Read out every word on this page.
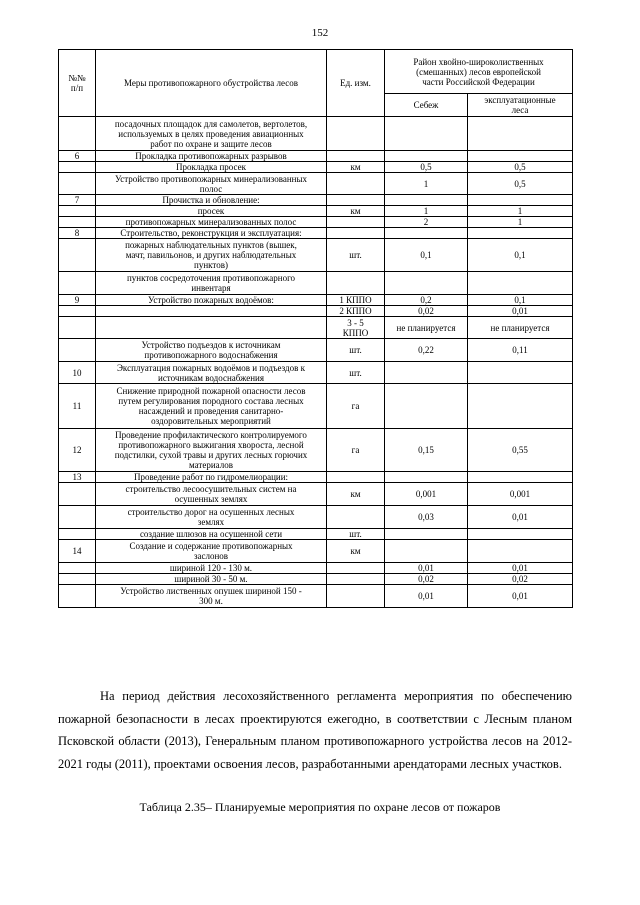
152
№№
п/п	Меры противопожарного обустройства лесов	Ед. изм.	Район хвойно-широколиственных
(смешанных) лесов европейской
части Российской Федерации	
			Себеж	эксплуатационные
леса
	посадочных площадок для самолетов, вертолетов,
используемых в целях проведения авиационных
работ по охране и защите лесов			
6	Прокладка противопожарных разрывов			
	Прокладка просек	км	0,5	0,5
	Устройство противопожарных минерализованных
полос		1	0,5
7	Прочистка и обновление:			
	просек	км	1	1
	противопожарных минерализованных полос		2	1
8	Строительство, реконструкция и эксплуатация:			
	пожарных наблюдательных пунктов (вышек,
мачт, павильонов, и других наблюдательных
пунктов)	шт.	0,1	0,1
	пунктов сосредоточения противопожарного
инвентаря			
9	Устройство пожарных водоёмов:	1 КППО	0,2	0,1
		2 КППО	0,02	0,01
		3 - 5
КППО	не планируется	не планируется
	Устройство подъездов к источникам
противопожарного водоснабжения	шт.	0,22	0,11
10	Эксплуатация пожарных водоёмов и подъездов к
источникам водоснабжения	шт.		
11	Снижение природной пожарной опасности лесов
путем регулирования породного состава лесных
насаждений и проведения санитарно-
оздоровительных мероприятий	га		
12	Проведение профилактического контролируемого
противопожарного выжигания хвороста, лесной
подстилки, сухой травы и других лесных горючих
материалов	га	0,15	0,55
13	Проведение работ по гидромелиорации:			
	строительство лесоосушительных систем на
осушенных землях	км	0,001	0,001
	строительство дорог на осушенных лесных
землях		0,03	0,01
	создание шлюзов на осушенной сети	шт.		
14	Создание и содержание противопожарных
заслонов	км		
	шириной 120 - 130 м.		0,01	0,01
	шириной 30 - 50 м.		0,02	0,02
	Устройство лиственных опушек шириной 150 -
300 м.		0,01	0,01

На период действия лесохозяйственного регламента мероприятия по обеспечению пожарной безопасности в лесах проектируются ежегодно, в соответствии с Лесным планом Псковской области (2013), Генеральным планом противопожарного устройства лесов на 2012-2021 годы (2011), проектами освоения лесов, разработанными арендаторами лесных участков.

Таблица 2.35– Планируемые мероприятия по охране лесов от пожаров
